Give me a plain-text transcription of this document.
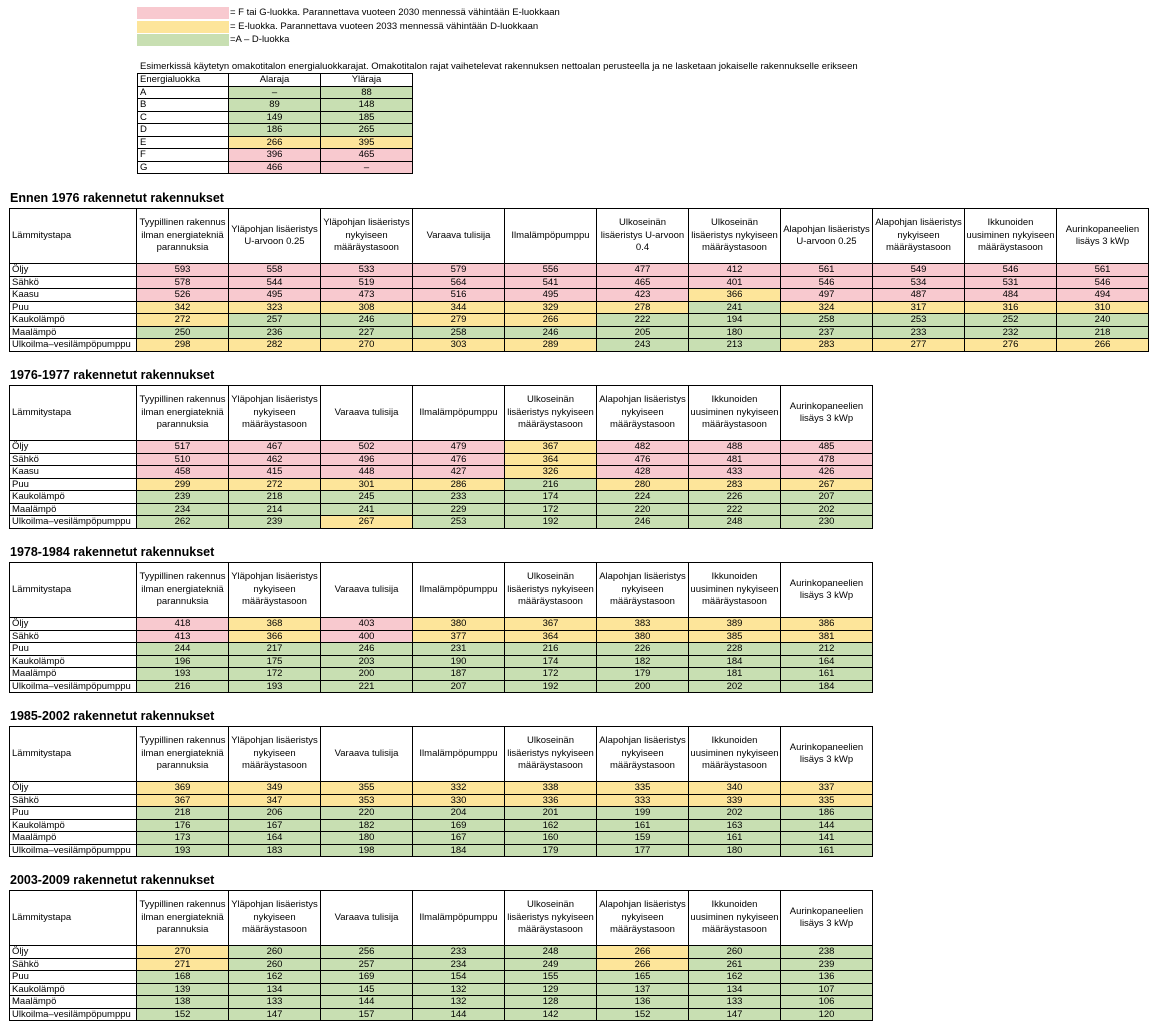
= F tai G-luokka. Parannettava vuoteen 2030 mennessä vähintään E-luokkaan
= E-luokka. Parannettava vuoteen 2033 mennessä vähintään D-luokkaan
=A – D-luokka
Esimerkissä käytetyn omakotitalon energialuokkarajat. Omakotitalon rajat vaihetelevat rakennuksen nettoalan perusteella ja ne lasketaan jokaiselle rakennukselle erikseen
Energialuokka	Alaraja	Yläraja
A	–	88
B	89	148
C	149	185
D	186	265
E	266	395
F	396	465
G	466	–
Ennen 1976 rakennetut rakennukset
Lämmitystapa	Tyypillinen rakennus ilman energiatekniä parannuksia	Yläpohjan lisäeristys U-arvoon 0.25	Yläpohjan lisäeristys nykyiseen määräystasoon	Varaava tulisija	Ilmalämpöpumppu	Ulkoseinän lisäeristys U-arvoon 0.4	Ulkoseinän lisäeristys nykyiseen määräystasoon	Alapohjan lisäeristys U-arvoon 0.25	Alapohjan lisäeristys nykyiseen määräystasoon	Ikkunoiden uusiminen nykyiseen määräystasoon	Aurinkopaneelien lisäys 3 kWp
Öljy	593	558	533	579	556	477	412	561	549	546	561
Sähkö	578	544	519	564	541	465	401	546	534	531	546
Kaasu	526	495	473	516	495	423	366	497	487	484	494
Puu	342	323	308	344	329	278	241	324	317	316	310
Kaukolämpö	272	257	246	279	266	222	194	258	253	252	240
Maalämpö	250	236	227	258	246	205	180	237	233	232	218
Ulkoilma–vesilämpöpumppu	298	282	270	303	289	243	213	283	277	276	266
1976-1977 rakennetut rakennukset
Lämmitystapa	Tyypillinen rakennus ilman energiatekniä parannuksia	Yläpohjan lisäeristys nykyiseen määräystasoon	Varaava tulisija	Ilmalämpöpumppu	Ulkoseinän lisäeristys nykyiseen määräystasoon	Alapohjan lisäeristys nykyiseen määräystasoon	Ikkunoiden uusiminen nykyiseen määräystasoon	Aurinkopaneelien lisäys 3 kWp
Öljy	517	467	502	479	367	482	488	485
Sähkö	510	462	496	476	364	476	481	478
Kaasu	458	415	448	427	326	428	433	426
Puu	299	272	301	286	216	280	283	267
Kaukolämpö	239	218	245	233	174	224	226	207
Maalämpö	234	214	241	229	172	220	222	202
Ulkoilma–vesilämpöpumppu	262	239	267	253	192	246	248	230
1978-1984 rakennetut rakennukset
Lämmitystapa	Tyypillinen rakennus ilman energiatekniä parannuksia	Yläpohjan lisäeristys nykyiseen määräystasoon	Varaava tulisija	Ilmalämpöpumppu	Ulkoseinän lisäeristys nykyiseen määräystasoon	Alapohjan lisäeristys nykyiseen määräystasoon	Ikkunoiden uusiminen nykyiseen määräystasoon	Aurinkopaneelien lisäys 3 kWp
Öljy	418	368	403	380	367	383	389	386
Sähkö	413	366	400	377	364	380	385	381
Puu	244	217	246	231	216	226	228	212
Kaukolämpö	196	175	203	190	174	182	184	164
Maalämpö	193	172	200	187	172	179	181	161
Ulkoilma–vesilämpöpumppu	216	193	221	207	192	200	202	184
1985-2002 rakennetut rakennukset
Lämmitystapa	Tyypillinen rakennus ilman energiatekniä parannuksia	Yläpohjan lisäeristys nykyiseen määräystasoon	Varaava tulisija	Ilmalämpöpumppu	Ulkoseinän lisäeristys nykyiseen määräystasoon	Alapohjan lisäeristys nykyiseen määräystasoon	Ikkunoiden uusiminen nykyiseen määräystasoon	Aurinkopaneelien lisäys 3 kWp
Öljy	369	349	355	332	338	335	340	337
Sähkö	367	347	353	330	336	333	339	335
Puu	218	206	220	204	201	199	202	186
Kaukolämpö	176	167	182	169	162	161	163	144
Maalämpö	173	164	180	167	160	159	161	141
Ulkoilma–vesilämpöpumppu	193	183	198	184	179	177	180	161
2003-2009 rakennetut rakennukset
Lämmitystapa	Tyypillinen rakennus ilman energiatekniä parannuksia	Yläpohjan lisäeristys nykyiseen määräystasoon	Varaava tulisija	Ilmalämpöpumppu	Ulkoseinän lisäeristys nykyiseen määräystasoon	Alapohjan lisäeristys nykyiseen määräystasoon	Ikkunoiden uusiminen nykyiseen määräystasoon	Aurinkopaneelien lisäys 3 kWp
Öljy	270	260	256	233	248	266	260	238
Sähkö	271	260	257	234	249	266	261	239
Puu	168	162	169	154	155	165	162	136
Kaukolämpö	139	134	145	132	129	137	134	107
Maalämpö	138	133	144	132	128	136	133	106
Ulkoilma–vesilämpöpumppu	152	147	157	144	142	152	147	120
